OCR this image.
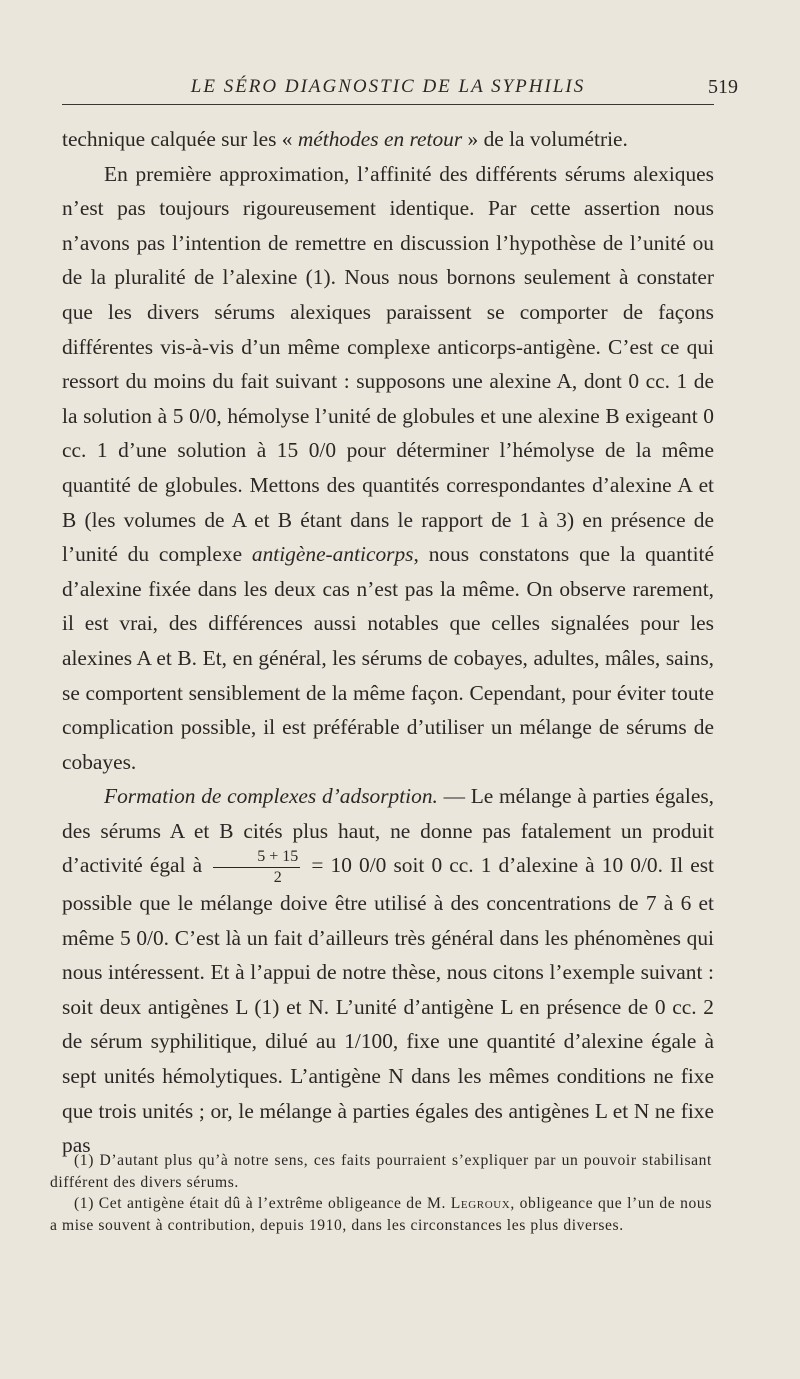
LE SÉRO DIAGNOSTIC DE LA SYPHILIS	519

technique calquée sur les « méthodes en retour » de la volumétrie.

En première approximation, l’affinité des différents sérums alexiques n’est pas toujours rigoureusement identique. Par cette assertion nous n’avons pas l’intention de remettre en discussion l’hypothèse de l’unité ou de la pluralité de l’alexine (1). Nous nous bornons seulement à constater que les divers sérums alexiques paraissent se comporter de façons différentes vis-à-vis d’un même complexe anticorps-antigène. C’est ce qui ressort du moins du fait suivant : supposons une alexine A, dont 0 cc. 1 de la solution à 5 0/0, hémolyse l’unité de globules et une alexine B exigeant 0 cc. 1 d’une solution à 15 0/0 pour déterminer l’hémolyse de la même quantité de globules. Mettons des quantités correspondantes d’alexine A et B (les volumes de A et B étant dans le rapport de 1 à 3) en présence de l’unité du complexe antigène-anticorps, nous constatons que la quantité d’alexine fixée dans les deux cas n’est pas la même. On observe rarement, il est vrai, des différences aussi notables que celles signalées pour les alexines A et B. Et, en général, les sérums de cobayes, adultes, mâles, sains, se comportent sensiblement de la même façon. Cependant, pour éviter toute complication possible, il est préférable d’utiliser un mélange de sérums de cobayes.

Formation de complexes d’adsorption. — Le mélange à parties égales, des sérums A et B cités plus haut, ne donne pas fatalement un produit d’activité égal à $\frac{5 + 15}{2} = 10$ 0/0 soit 0 cc. 1 d’alexine à 10 0/0. Il est possible que le mélange doive être utilisé à des concentrations de 7 à 6 et même 5 0/0. C’est là un fait d’ailleurs très général dans les phénomènes qui nous intéressent. Et à l’appui de notre thèse, nous citons l’exemple suivant : soit deux antigènes L (1) et N. L’unité d’antigène L en présence de 0 cc. 2 de sérum syphilitique, dilué au 1/100, fixe une quantité d’alexine égale à sept unités hémolytiques. L’antigène N dans les mêmes conditions ne fixe que trois unités ; or, le mélange à parties égales des antigènes L et N ne fixe pas

(1) D’autant plus qu’à notre sens, ces faits pourraient s’expliquer par un pouvoir stabilisant différent des divers sérums.

(1) Cet antigène était dû à l’extrême obligeance de M. Legroux, obligeance que l’un de nous a mise souvent à contribution, depuis 1910, dans les circonstances les plus diverses.
